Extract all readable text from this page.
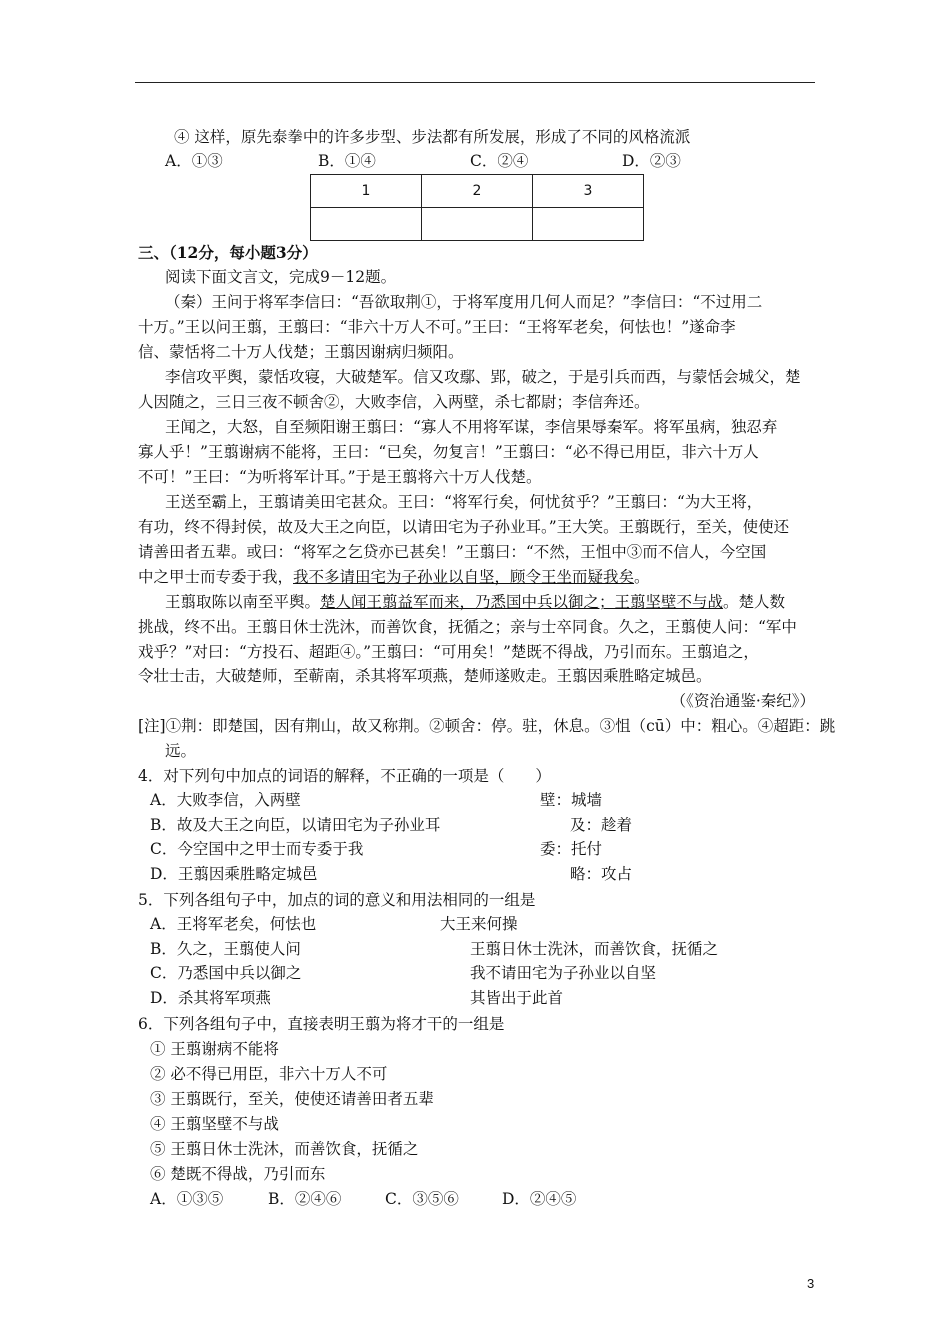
④ 这样，原先泰拳中的许多步型、步法都有所发展，形成了不同的风格流派
A．①③	B．①④	C．②④	D．②③
1	2	3

三、（12分，每小题3分）
阅读下面文言文，完成9－12题。
（秦）王问于将军李信曰：“吾欲取荆①，于将军度用几何人而足？”李信曰：“不过用二
十万。”王以问王翦，王翦曰：“非六十万人不可。”王曰：“王将军老矣，何怯也！”遂命李
信、蒙恬将二十万人伐楚；王翦因谢病归频阳。
李信攻平舆，蒙恬攻寝，大破楚军。信又攻鄢、郢，破之，于是引兵而西，与蒙恬会城父，楚
人因随之，三日三夜不顿舍②，大败李信，入两壁，杀七都尉；李信奔还。
王闻之，大怒，自至频阳谢王翦曰：“寡人不用将军谋，李信果辱秦军。将军虽病，独忍弃
寡人乎！”王翦谢病不能将，王曰：“已矣，勿复言！”王翦曰：“必不得已用臣，非六十万人
不可！”王曰：“为听将军计耳。”于是王翦将六十万人伐楚。
王送至霸上，王翦请美田宅甚众。王曰：“将军行矣，何忧贫乎？”王翦曰：“为大王将，
有功，终不得封侯，故及大王之向臣，以请田宅为子孙业耳。”王大笑。王翦既行，至关，使使还
请善田者五辈。或曰：“将军之乞贷亦已甚矣！”王翦曰：“不然，王怚中③而不信人，今空国
中之甲士而专委于我，我不多请田宅为子孙业以自坚，顾令王坐而疑我矣。
王翦取陈以南至平舆。楚人闻王翦益军而来，乃悉国中兵以御之；王翦坚壁不与战。楚人数
挑战，终不出。王翦日休士洗沐，而善饮食，抚循之；亲与士卒同食。久之，王翦使人问：“军中
戏乎？”对曰：“方投石、超距④。”王翦曰：“可用矣！”楚既不得战，乃引而东。王翦追之，
令壮士击，大破楚师，至蕲南，杀其将军项燕，楚师遂败走。王翦因乘胜略定城邑。
（《资治通鉴·秦纪》）
[注]①荆：即楚国，因有荆山，故又称荆。②顿舍：停。驻，休息。③怚（cū）中：粗心。④超距：跳
远。
4．对下列句中加点的词语的解释，不正确的一项是（　　）
A．大败李信，入两壁	壁：城墙
B．故及大王之向臣，以请田宅为子孙业耳	及：趁着
C．今空国中之甲士而专委于我	委：托付
D．王翦因乘胜略定城邑	略：攻占
5．下列各组句子中，加点的词的意义和用法相同的一组是
A．王将军老矣，何怯也	大王来何操
B．久之，王翦使人问	王翦日休士洗沐，而善饮食，抚循之
C．乃悉国中兵以御之	我不请田宅为子孙业以自坚
D．杀其将军项燕	其皆出于此首
6．下列各组句子中，直接表明王翦为将才干的一组是
① 王翦谢病不能将
② 必不得已用臣，非六十万人不可
③ 王翦既行，至关，使使还请善田者五辈
④ 王翦坚壁不与战
⑤ 王翦日休士洗沐，而善饮食，抚循之
⑥ 楚既不得战，乃引而东
A．①③⑤	B．②④⑥	C．③⑤⑥	D．②④⑤
3
